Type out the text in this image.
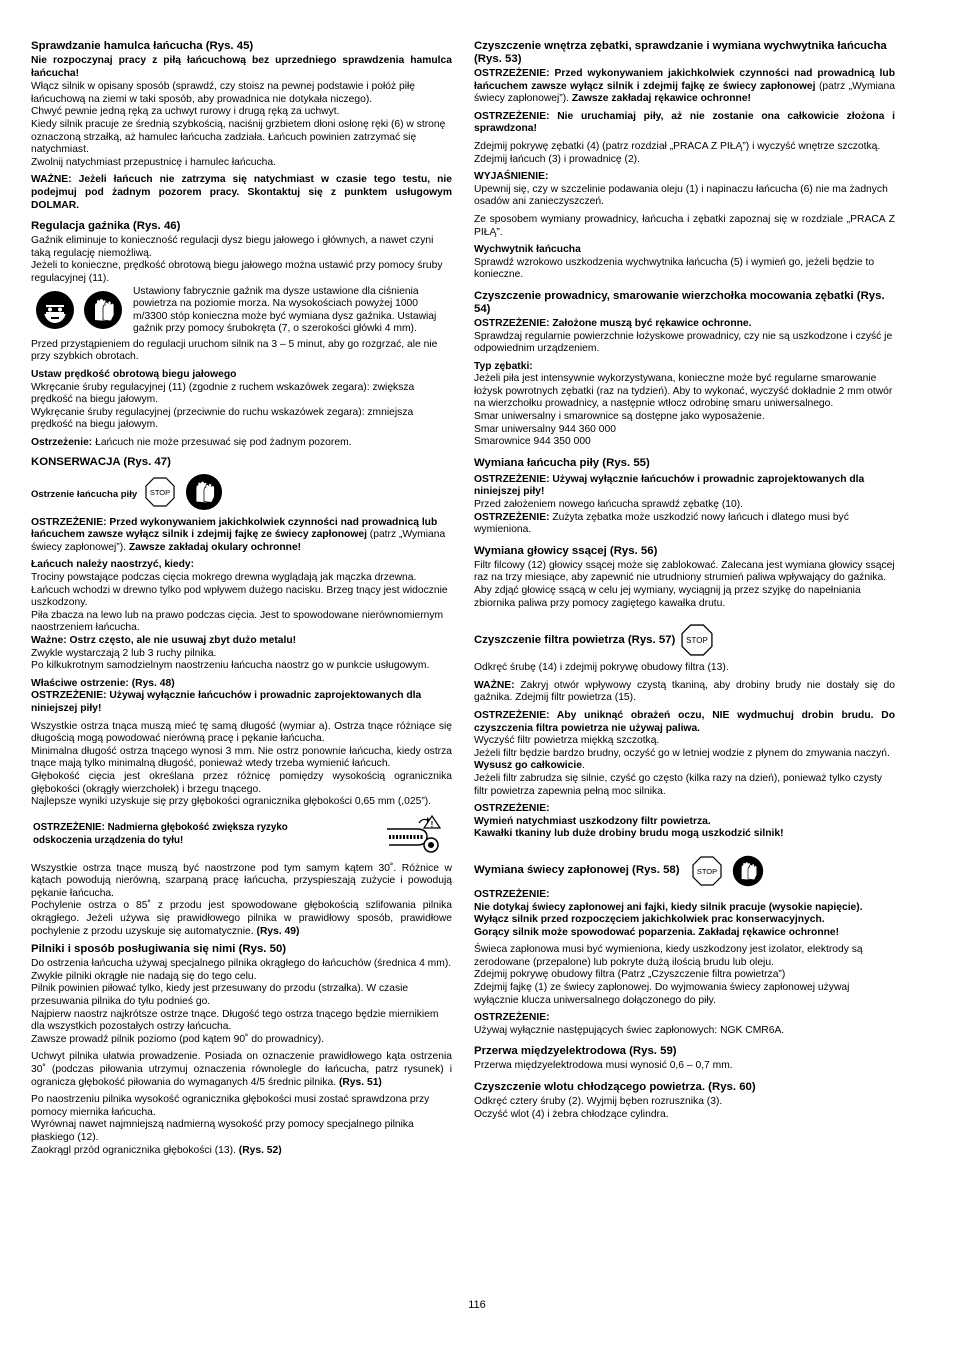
Sprawdzanie hamulca łańcucha (Rys. 45)

Nie rozpoczynaj pracy z piłą łańcuchową bez uprzedniego sprawdzenia hamulca łańcucha!

Włącz silnik w opisany sposób (sprawdź, czy stoisz na pewnej podstawie i połóż piłę łańcuchową na ziemi w taki sposób, aby prowadnica nie dotykała niczego).
Chwyć pewnie jedną ręką za uchwyt rurowy i drugą ręką za uchwyt.
Kiedy silnik pracuje ze średnią szybkością, naciśnij grzbietem dłoni osłonę ręki (6) w stronę oznaczoną strzałką, aż hamulec łańcucha zadziała. Łańcuch powinien zatrzymać się natychmiast.
Zwolnij natychmiast przepustnicę i hamulec łańcucha.

WAŻNE: Jeżeli łańcuch nie zatrzyma się natychmiast w czasie tego testu, nie podejmuj pod żadnym pozorem pracy. Skontaktuj się z punktem usługowym DOLMAR.

Regulacja gaźnika (Rys. 46)

Gaźnik eliminuje to konieczność regulacji dysz biegu jałowego i głównych, a nawet czyni taką regulację niemożliwą.
Jeżeli to konieczne, prędkość obrotową biegu jałowego można ustawić przy pomocy śruby regulacyjnej (11).

Ustawiony fabrycznie gaźnik ma dysze ustawione dla ciśnienia powietrza na poziomie morza. Na wysokościach powyżej 1000 m/3300 stóp konieczna może być wymiana dysz gaźnika. Ustawiaj gaźnik przy pomocy śrubokręta (7, o szerokości główki 4 mm).

Przed przystąpieniem do regulacji uruchom silnik na 3 – 5 minut, aby go rozgrzać, ale nie przy szybkich obrotach.

Ustaw prędkość obrotową biegu jałowego

Wkręcanie śruby regulacyjnej (11) (zgodnie z ruchem wskazówek zegara): zwiększa prędkość na biegu jałowym.
Wykręcanie śruby regulacyjnej (przeciwnie do ruchu wskazówek zegara): zmniejsza prędkość na biegu jałowym.

Ostrzeżenie: Łańcuch nie może przesuwać się pod żadnym pozorem.

KONSERWACJA (Rys. 47)
Ostrzenie łańcucha piły STOP

OSTRZEŻENIE: Przed wykonywaniem jakichkolwiek czynności nad prowadnicą lub łańcuchem zawsze wyłącz silnik i zdejmij fajkę ze świecy zapłonowej (patrz „Wymiana świecy zapłonowej”). Zawsze zakładaj okulary ochronne!

Łańcuch należy naostrzyć, kiedy:

Trociny powstające podczas cięcia mokrego drewna wyglądają jak mączka drzewna.
Łańcuch wchodzi w drewno tylko pod wpływem dużego nacisku. Brzeg tnący jest widocznie uszkodzony.
Piła zbacza na lewo lub na prawo podczas cięcia. Jest to spowodowane nierównomiernym naostrzeniem łańcucha.

Ważne: Ostrz często, ale nie usuwaj zbyt dużo metalu!

Zwykle wystarczają 2 lub 3 ruchy pilnika.
Po kilkukrotnym samodzielnym naostrzeniu łańcucha naostrz go w punkcie usługowym.

Właściwe ostrzenie: (Rys. 48)

OSTRZEŻENIE: Używaj wyłącznie łańcuchów i prowadnic zaprojektowanych dla niniejszej piły!

Wszystkie ostrza tnąca muszą mieć tę samą długość (wymiar a). Ostrza tnące różniące się długością mogą powodować nierówną pracę i pękanie łańcucha.
Minimalna długość ostrza tnącego wynosi 3 mm. Nie ostrz ponownie łańcucha, kiedy ostrza tnące mają tylko minimalną długość, ponieważ wtedy trzeba wymienić łańcuch.
Głębokość cięcia jest określana przez różnicę pomiędzy wysokością ogranicznika głębokości (okrągły wierzchołek) i brzegu tnącego.
Najlepsze wyniki uzyskuje się przy głębokości ogranicznika głębokości 0,65 mm (,025”).

OSTRZEŻENIE: Nadmierna głębokość zwiększa ryzyko odskoczenia urządzenia do tyłu!

!

Wszystkie ostrza tnące muszą być naostrzone pod tym samym kątem 30˚. Różnice w kątach powodują nierówną, szarpaną pracę łańcucha, przyspieszają zużycie i powodują pękanie łańcucha.
Pochylenie ostrza o 85˚ z przodu jest spowodowane głębokością szlifowania pilnika okrągłego. Jeżeli używa się prawidłowego pilnika w prawidłowy sposób, prawidłowe pochylenie z przodu uzyskuje się automatycznie. (Rys. 49)

Pilniki i sposób posługiwania się nimi (Rys. 50)

Do ostrzenia łańcucha używaj specjalnego pilnika okrągłego do łańcuchów (średnica 4 mm). Zwykłe pilniki okrągłe nie nadają się do tego celu.
Pilnik powinien piłować tylko, kiedy jest przesuwany do przodu (strzałka). W czasie przesuwania pilnika do tyłu podnieś go.
Najpierw naostrz najkrótsze ostrze tnące. Długość tego ostrza tnącego będzie miernikiem dla wszystkich pozostałych ostrzy łańcucha.
Zawsze prowadź pilnik poziomo (pod kątem 90˚ do prowadnicy).

Uchwyt pilnika ułatwia prowadzenie. Posiada on oznaczenie prawidłowego kąta ostrzenia 30˚ (podczas piłowania utrzymuj oznaczenia równolegle do łańcucha, patrz rysunek) i ogranicza głębokość piłowania do wymaganych 4/5 średnic pilnika. (Rys. 51)

Po naostrzeniu pilnika wysokość ogranicznika głębokości musi zostać sprawdzona przy pomocy miernika łańcucha.
Wyrównaj nawet najmniejszą nadmierną wysokość przy pomocy specjalnego pilnika płaskiego (12).
Zaokrągl przód ogranicznika głębokości (13). (Rys. 52)

Czyszczenie wnętrza zębatki, sprawdzanie i wymiana wychwytnika łańcucha (Rys. 53)

OSTRZEŻENIE: Przed wykonywaniem jakichkolwiek czynności nad prowadnicą lub łańcuchem zawsze wyłącz silnik i zdejmij fajkę ze świecy zapłonowej (patrz „Wymiana świecy zapłonowej”). Zawsze zakładaj rękawice ochronne!

OSTRZEŻENIE: Nie uruchamiaj piły, aż nie zostanie ona całkowicie złożona i sprawdzona!

Zdejmij pokrywę zębatki (4) (patrz rozdział „PRACA Z PIŁĄ”) i wyczyść wnętrze szczotką.
Zdejmij łańcuch (3) i prowadnicę (2).

WYJAŚNIENIE:

Upewnij się, czy w szczelinie podawania oleju (1) i napinaczu łańcucha (6) nie ma żadnych osadów ani zanieczyszczeń.

Ze sposobem wymiany prowadnicy, łańcucha i zębatki zapoznaj się w rozdziale „PRACA Z PIŁĄ”.

Wychwytnik łańcucha

Sprawdź wzrokowo uszkodzenia wychwytnika łańcucha (5) i wymień go, jeżeli będzie to konieczne.

Czyszczenie prowadnicy, smarowanie wierzchołka mocowania zębatki (Rys. 54)

OSTRZEŻENIE: Założone muszą być rękawice ochronne.

Sprawdzaj regularnie powierzchnie łożyskowe prowadnicy, czy nie są uszkodzone i czyść je odpowiednim urządzeniem.

Typ zębatki:

Jeżeli piła jest intensywnie wykorzystywana, konieczne może być regularne smarowanie łożysk powrotnych zębatki (raz na tydzień). Aby to wykonać, wyczyść dokładnie 2 mm otwór na wierzchołku prowadnicy, a następnie wtłocz odrobinę smaru uniwersalnego.
Smar uniwersalny i smarownice są dostępne jako wyposażenie.
Smar uniwersalny 944 360 000
Smarownice 944 350 000

Wymiana łańcucha piły (Rys. 55)

OSTRZEŻENIE: Używaj wyłącznie łańcuchów i prowadnic zaprojektowanych dla niniejszej piły!

Przed założeniem nowego łańcucha sprawdź zębatkę (10).

OSTRZEŻENIE: Zużyta zębatka może uszkodzić nowy łańcuch i dlatego musi być wymieniona.

Wymiana głowicy ssącej (Rys. 56)

Filtr filcowy (12) głowicy ssącej może się zablokować. Zalecana jest wymiana głowicy ssącej raz na trzy miesiące, aby zapewnić nie utrudniony strumień paliwa wpływający do gaźnika.
Aby zdjąć głowicę ssącą w celu jej wymiany, wyciągnij ją przez szyjkę do napełniania zbiornika paliwa przy pomocy zagiętego kawałka drutu.

Czyszczenie filtra powietrza (Rys. 57) STOP

Odkręć śrubę (14) i zdejmij pokrywę obudowy filtra (13).

WAŻNE: Zakryj otwór wpływowy czystą tkaniną, aby drobiny brudy nie dostały się do gaźnika. Zdejmij filtr powietrza (15).

OSTRZEŻENIE: Aby uniknąć obrażeń oczu, NIE wydmuchuj drobin brudu. Do czyszczenia filtra powietrza nie używaj paliwa.

Wyczyść filtr powietrza miękką szczotką.
Jeżeli filtr będzie bardzo brudny, oczyść go w letniej wodzie z płynem do zmywania naczyń.

Wysusz go całkowicie.
Jeżeli filtr zabrudza się silnie, czyść go często (kilka razy na dzień), ponieważ tylko czysty filtr powietrza zapewnia pełną moc silnika.

OSTRZEŻENIE:
Wymień natychmiast uszkodzony filtr powietrza.
Kawałki tkaniny lub duże drobiny brudu mogą uszkodzić silnik!

Wymiana świecy zapłonowej (Rys. 58) STOP

OSTRZEŻENIE:
Nie dotykaj świecy zapłonowej ani fajki, kiedy silnik pracuje (wysokie napięcie).
Wyłącz silnik przed rozpoczęciem jakichkolwiek prac konserwacyjnych.
Gorący silnik może spowodować poparzenia. Zakładaj rękawice ochronne!

Świeca zapłonowa musi być wymieniona, kiedy uszkodzony jest izolator, elektrody są zerodowane (przepalone) lub pokryte dużą ilością brudu lub oleju.
Zdejmij pokrywę obudowy filtra (Patrz „Czyszczenie filtra powietrza”)
Zdejmij fajkę (1) ze świecy zapłonowej. Do wyjmowania świecy zapłonowej używaj wyłącznie klucza uniwersalnego dołączonego do piły.

OSTRZEŻENIE:

Używaj wyłącznie następujących świec zapłonowych: NGK CMR6A.

Przerwa międzyelektrodowa (Rys. 59)

Przerwa międzyelektrodowa musi wynosić 0,6 – 0,7 mm.

Czyszczenie wlotu chłodzącego powietrza. (Rys. 60)

Odkręć cztery śruby (2). Wyjmij bęben rozrusznika (3).
Oczyść wlot (4) i żebra chłodzące cylindra.

116
